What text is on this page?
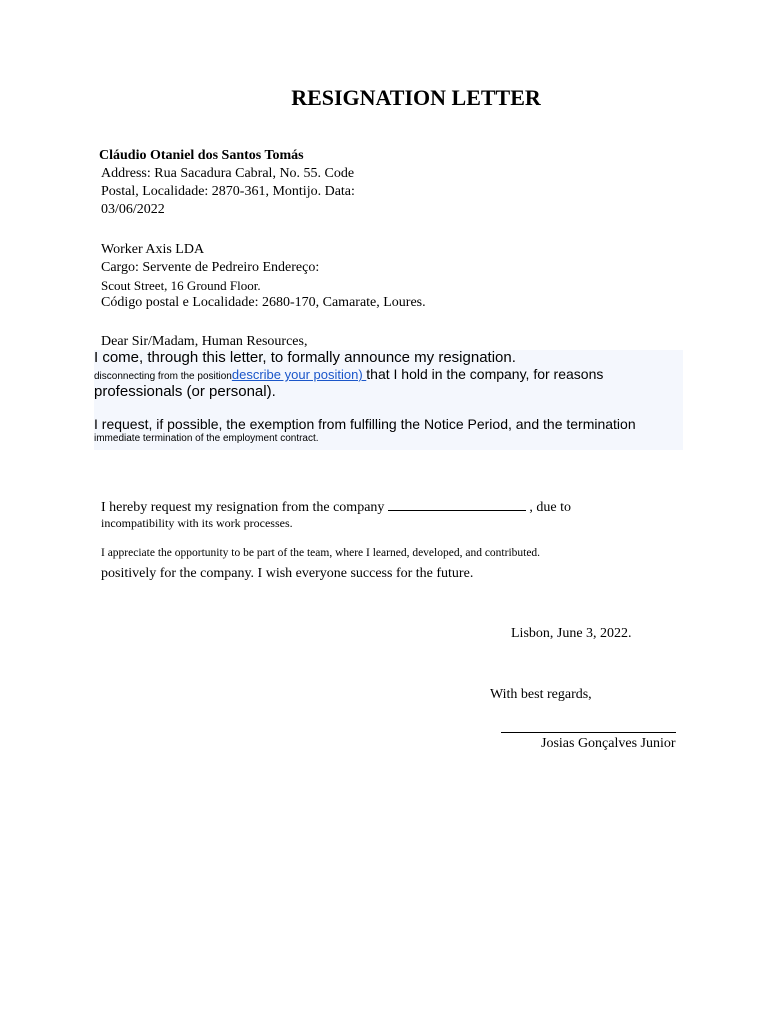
RESIGNATION LETTER
Cláudio Otaniel dos Santos Tomás
Address: Rua Sacadura Cabral, No. 55. Code
Postal, Localidade: 2870-361, Montijo. Data:
03/06/2022
Worker Axis LDA
Cargo: Servente de Pedreiro Endereço:
Scout Street, 16 Ground Floor.
Código postal e Localidade: 2680-170, Camarate, Loures.
Dear Sir/Madam, Human Resources,
I come, through this letter, to formally announce my resignation.
disconnecting from the positiondescribe your position) that I hold in the company, for reasons
professionals (or personal).
I request, if possible, the exemption from fulfilling the Notice Period, and the termination
immediate termination of the employment contract.
I hereby request my resignation from the company	, due to
incompatibility with its work processes.
I appreciate the opportunity to be part of the team, where I learned, developed, and contributed.
positively for the company. I wish everyone success for the future.
Lisbon, June 3, 2022.
With best regards,
Josias Gonçalves Junior
